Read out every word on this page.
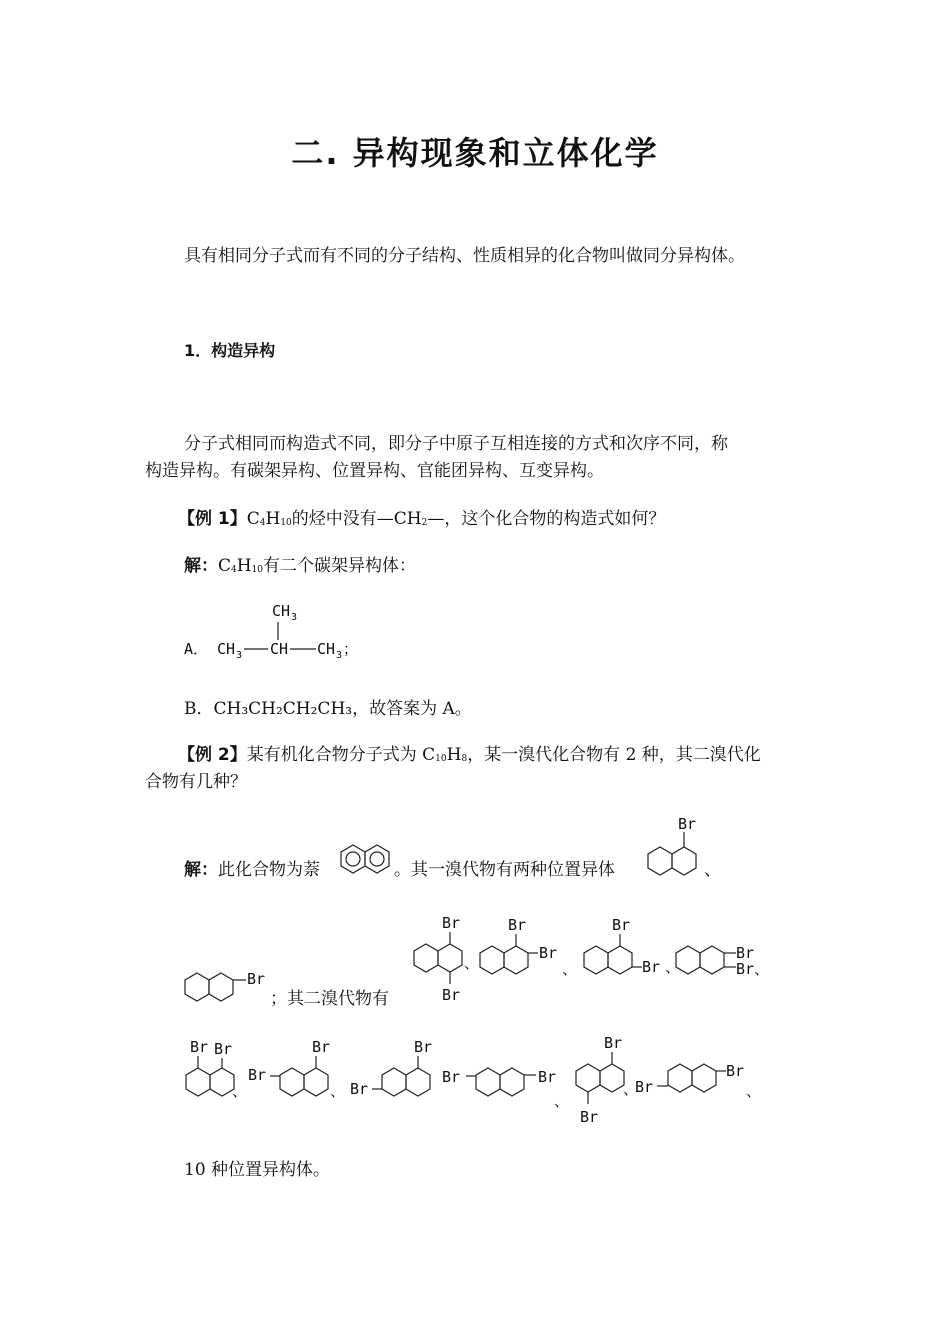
二. 异构现象和立体化学
具有相同分子式而有不同的分子结构、性质相异的化合物叫做同分异构体。
1．构造异构
分子式相同而构造式不同，即分子中原子互相连接的方式和次序不同，称
构造异构。有碳架异构、位置异构、官能团异构、互变异构。
【例 1】C4H10的烃中没有—CH2—，这个化合物的构造式如何？
解：C4H10有二个碳架异构体：
A． CH 3 CH
CH 3
CH 3 ；
B．CH₃CH₂CH₂CH₃，故答案为 A。
【例 2】某有机化合物分子式为 C10H8，某一溴代化合物有 2 种，其二溴代化
合物有几种？
解：此化合物为萘	。其一溴代物有两种位置异体
Br
、
Br
；其二溴代物有
Br
Br
、
Br
Br
、
Br
Br 、
Br
Br 、
Br Br
、
Br
Br
、 Br
Br
Br	Br
、
Br
Br
、
Br
Br
、
10 种位置异构体。
